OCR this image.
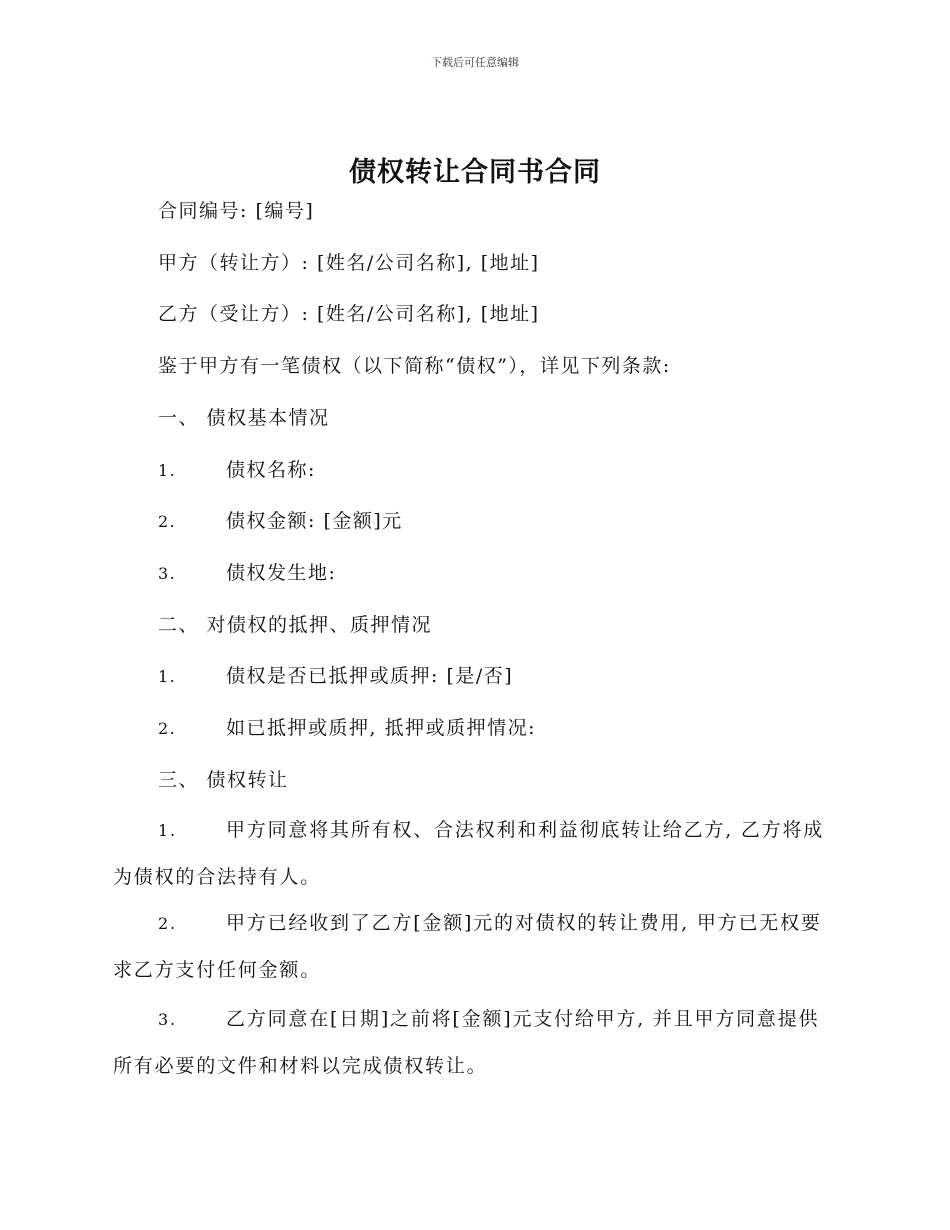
下载后可任意编辑
债权转让合同书合同
合同编号: [编号]
甲方（转让方）: [姓名/公司名称], [地址]
乙方（受让方）: [姓名/公司名称], [地址]
鉴于甲方有一笔债权（以下简称“债权”），详见下列条款:
一、 债权基本情况
1.	债权名称:
2.	债权金额: [金额]元
3.	债权发生地:
二、 对债权的抵押、质押情况
1.	债权是否已抵押或质押: [是/否]
2.	如已抵押或质押, 抵押或质押情况:
三、 债权转让
1.	甲方同意将其所有权、合法权利和利益彻底转让给乙方, 乙方将成为债权的合法持有人。
2.	甲方已经收到了乙方[金额]元的对债权的转让费用, 甲方已无权要求乙方支付任何金额。
3.	乙方同意在[日期]之前将[金额]元支付给甲方, 并且甲方同意提供所有必要的文件和材料以完成债权转让。
